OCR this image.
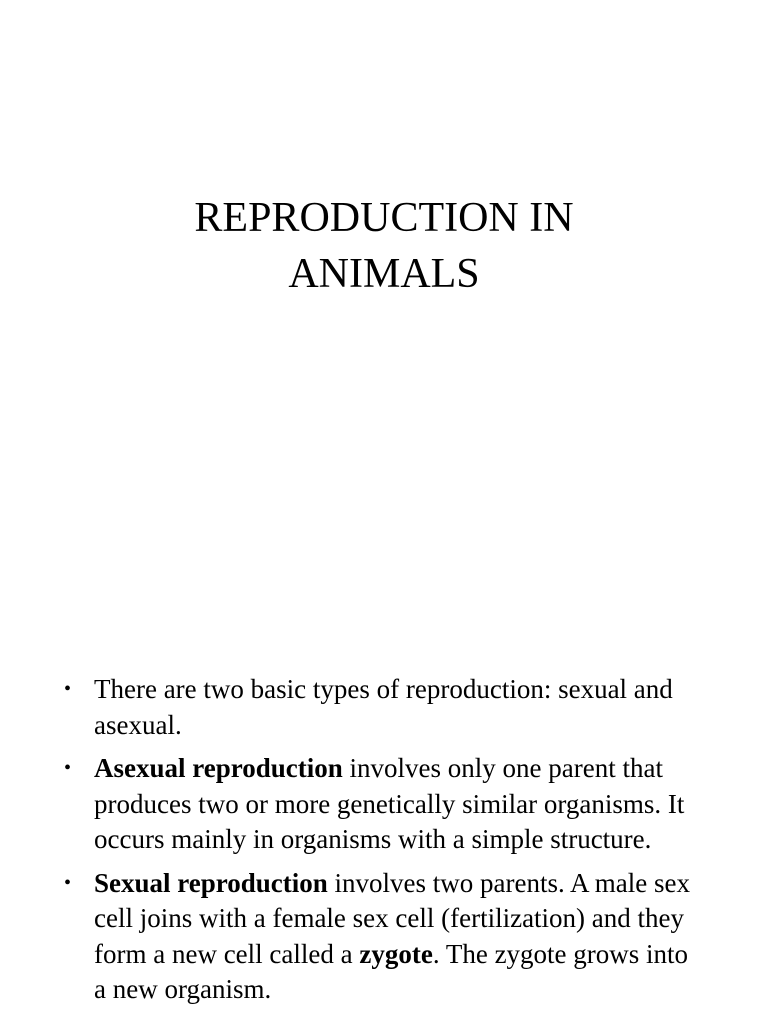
REPRODUCTION IN
ANIMALS
• There are two basic types of reproduction: sexual and asexual.
• Asexual reproduction involves only one parent that produces two or more genetically similar organisms. It occurs mainly in organisms with a simple structure.
• Sexual reproduction involves two parents. A male sex cell joins with a female sex cell (fertilization) and they form a new cell called a zygote. The zygote grows into a new organism.
